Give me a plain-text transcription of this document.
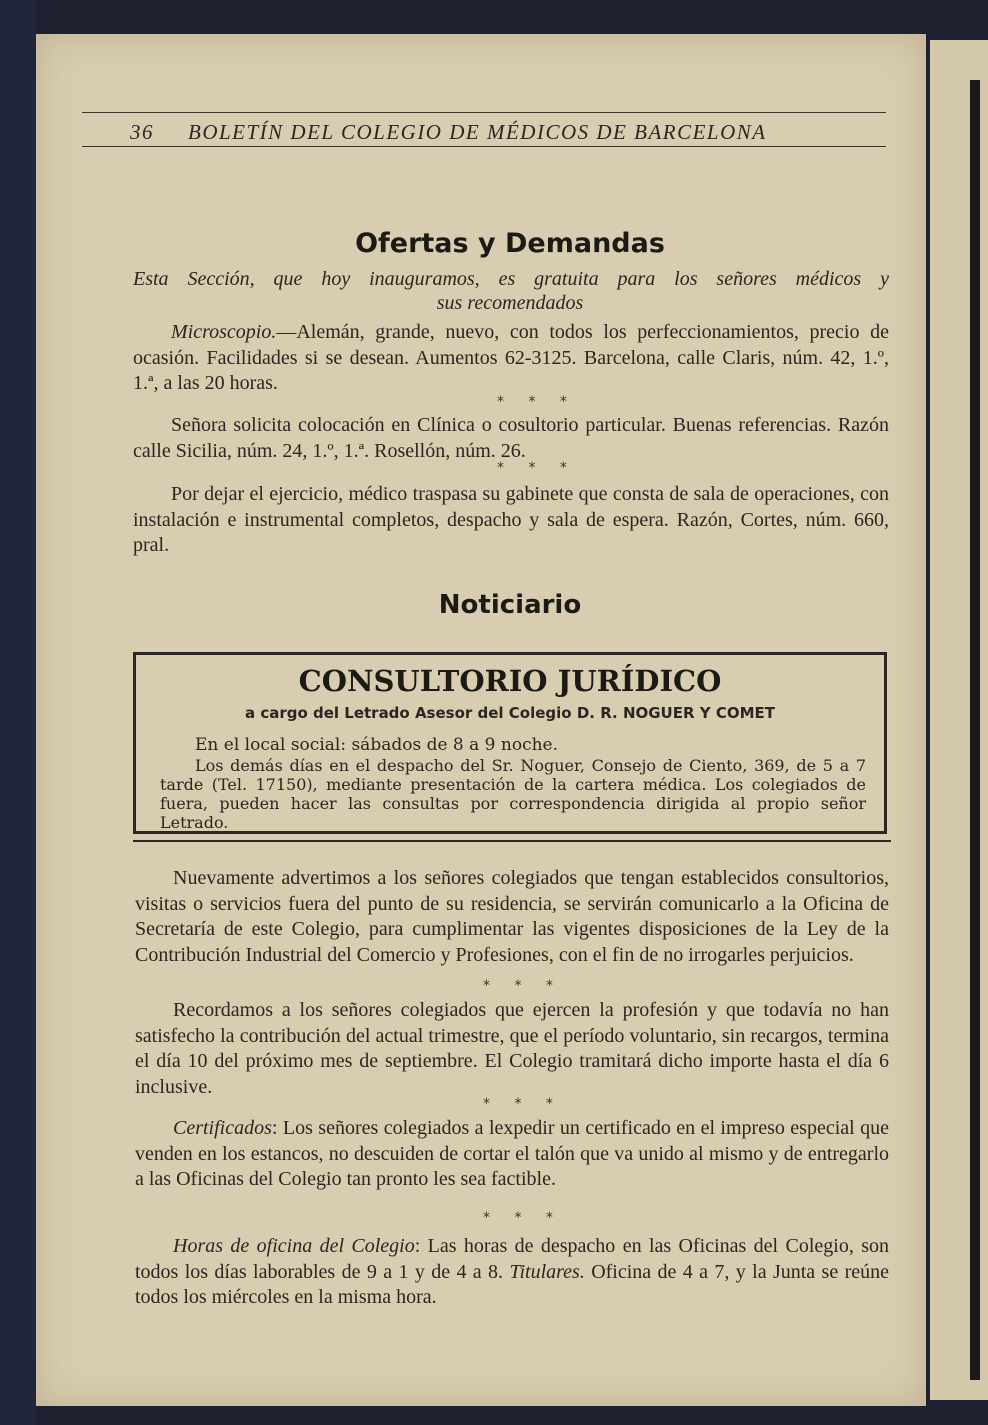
36 BOLETÍN DEL COLEGIO DE MÉDICOS DE BARCELONA
Ofertas y Demandas
Esta Sección, que hoy inauguramos, es gratuita para los señores médicos y
sus recomendados
Microscopio.—Alemán, grande, nuevo, con todos los perfeccionamientos, precio de ocasión. Facilidades si se desean. Aumentos 62-3125. Barcelona, calle Claris, núm. 42, 1.º, 1.ª, a las 20 horas.
* * *
Señora solicita colocación en Clínica o cosultorio particular. Buenas referencias. Razón calle Sicilia, núm. 24, 1.º, 1.ª. Rosellón, núm. 26.
* * *
Por dejar el ejercicio, médico traspasa su gabinete que consta de sala de operaciones, con instalación e instrumental completos, despacho y sala de espera. Razón, Cortes, núm. 660, pral.
Noticiario
CONSULTORIO JURÍDICO
a cargo del Letrado Asesor del Colegio D. R. NOGUER Y COMET
En el local social: sábados de 8 a 9 noche.
Los demás días en el despacho del Sr. Noguer, Consejo de Ciento, 369, de 5 a 7 tarde (Tel. 17150), mediante presentación de la cartera médica. Los colegiados de fuera, pueden hacer las consultas por correspondencia dirigida al propio señor Letrado.
Nuevamente advertimos a los señores colegiados que tengan establecidos consultorios, visitas o servicios fuera del punto de su residencia, se servirán comunicarlo a la Oficina de Secretaría de este Colegio, para cumplimentar las vigentes disposiciones de la Ley de la Contribución Industrial del Comercio y Profesiones, con el fin de no irrogarles perjuicios.
* * *
Recordamos a los señores colegiados que ejercen la profesión y que todavía no han satisfecho la contribución del actual trimestre, que el período voluntario, sin recargos, termina el día 10 del próximo mes de septiembre. El Colegio tramitará dicho importe hasta el día 6 inclusive.
* * *
Certificados: Los señores colegiados a lexpedir un certificado en el impreso especial que venden en los estancos, no descuiden de cortar el talón que va unido al mismo y de entregarlo a las Oficinas del Colegio tan pronto les sea factible.
* * *
Horas de oficina del Colegio: Las horas de despacho en las Oficinas del Colegio, son todos los días laborables de 9 a 1 y de 4 a 8. Titulares. Oficina de 4 a 7, y la Junta se reúne todos los miércoles en la misma hora.
